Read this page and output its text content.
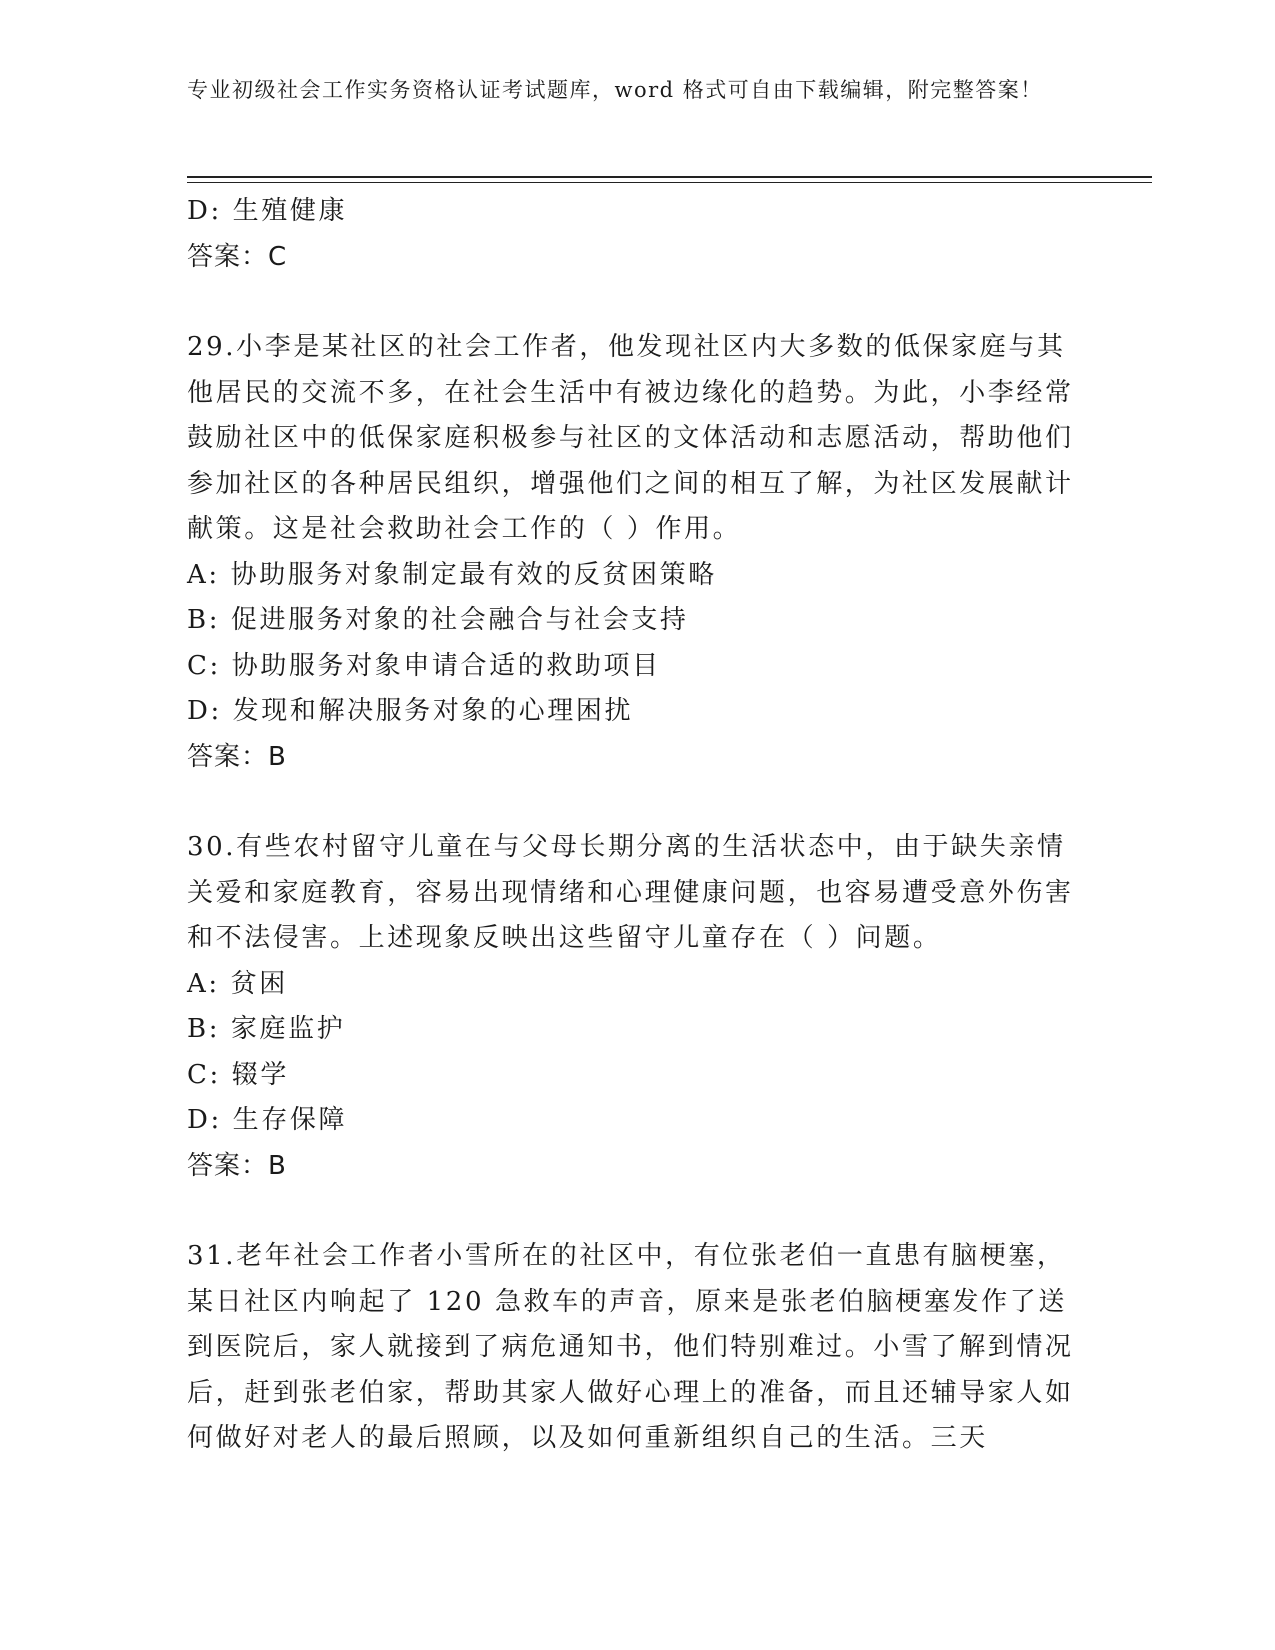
专业初级社会工作实务资格认证考试题库，word 格式可自由下载编辑，附完整答案！
D: 生殖健康
答案：C
29.小李是某社区的社会工作者，他发现社区内大多数的低保家庭与其他居民的交流不多，在社会生活中有被边缘化的趋势。为此，小李经常鼓励社区中的低保家庭积极参与社区的文体活动和志愿活动，帮助他们参加社区的各种居民组织，增强他们之间的相互了解，为社区发展献计献策。这是社会救助社会工作的（ ）作用。
A: 协助服务对象制定最有效的反贫困策略
B: 促进服务对象的社会融合与社会支持
C: 协助服务对象申请合适的救助项目
D: 发现和解决服务对象的心理困扰
答案：B
30.有些农村留守儿童在与父母长期分离的生活状态中，由于缺失亲情关爱和家庭教育，容易出现情绪和心理健康问题，也容易遭受意外伤害和不法侵害。上述现象反映出这些留守儿童存在（ ）问题。
A: 贫困
B: 家庭监护
C: 辍学
D: 生存保障
答案：B
31.老年社会工作者小雪所在的社区中，有位张老伯一直患有脑梗塞，某日社区内响起了 120 急救车的声音，原来是张老伯脑梗塞发作了送到医院后，家人就接到了病危通知书，他们特别难过。小雪了解到情况后，赶到张老伯家，帮助其家人做好心理上的准备，而且还辅导家人如何做好对老人的最后照顾，以及如何重新组织自己的生活。三天
